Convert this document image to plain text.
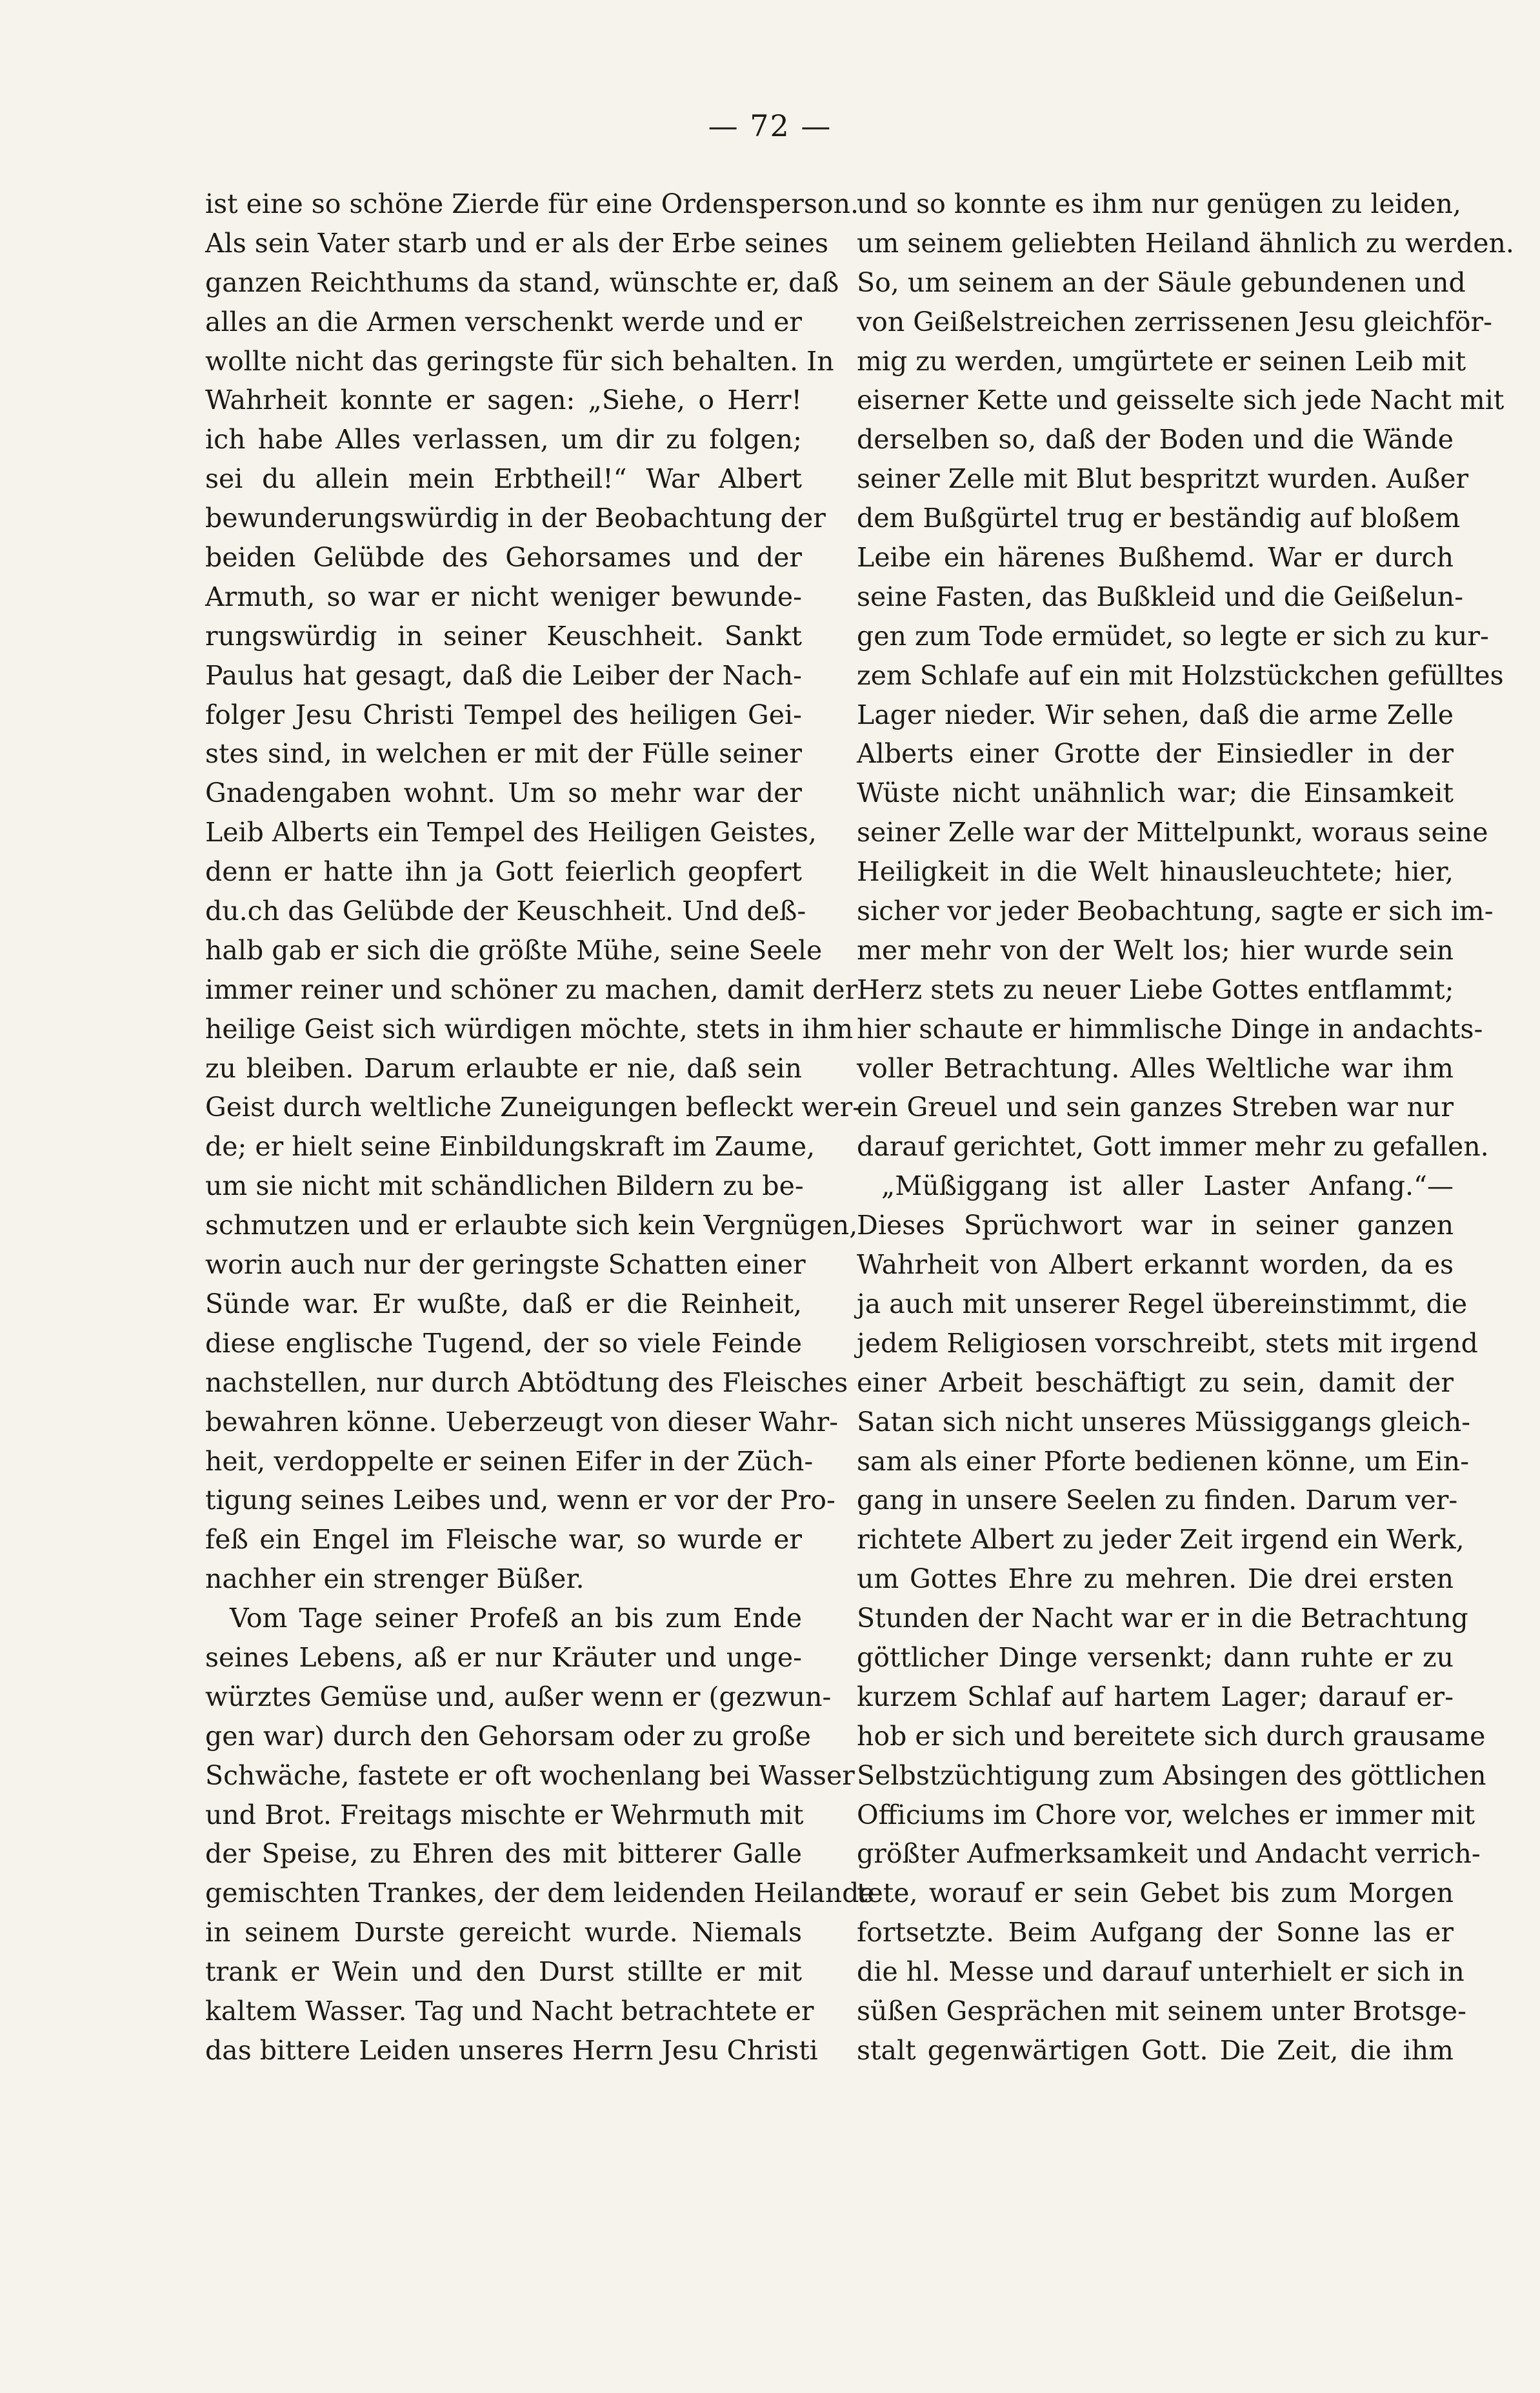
— 72 —
ist eine so schöne Zierde für eine Ordensperson.
Als sein Vater starb und er als der Erbe seines
ganzen Reichthums da stand, wünschte er, daß
alles an die Armen verschenkt werde und er
wollte nicht das geringste für sich behalten. In
Wahrheit konnte er sagen: „Siehe, o Herr!
ich habe Alles verlassen, um dir zu folgen;
sei du allein mein Erbtheil!“ War Albert
bewunderungswürdig in der Beobachtung der
beiden Gelübde des Gehorsames und der
Armuth, so war er nicht weniger bewunde-
rungswürdig in seiner Keuschheit. Sankt
Paulus hat gesagt, daß die Leiber der Nach-
folger Jesu Christi Tempel des heiligen Gei-
stes sind, in welchen er mit der Fülle seiner
Gnadengaben wohnt. Um so mehr war der
Leib Alberts ein Tempel des Heiligen Geistes,
denn er hatte ihn ja Gott feierlich geopfert
du.ch das Gelübde der Keuschheit. Und deß-
halb gab er sich die größte Mühe, seine Seele
immer reiner und schöner zu machen, damit der
heilige Geist sich würdigen möchte, stets in ihm
zu bleiben. Darum erlaubte er nie, daß sein
Geist durch weltliche Zuneigungen befleckt wer-
de; er hielt seine Einbildungskraft im Zaume,
um sie nicht mit schändlichen Bildern zu be-
schmutzen und er erlaubte sich kein Vergnügen,
worin auch nur der geringste Schatten einer
Sünde war. Er wußte, daß er die Reinheit,
diese englische Tugend, der so viele Feinde
nachstellen, nur durch Abtödtung des Fleisches
bewahren könne. Ueberzeugt von dieser Wahr-
heit, verdoppelte er seinen Eifer in der Züch-
tigung seines Leibes und, wenn er vor der Pro-
feß ein Engel im Fleische war, so wurde er
nachher ein strenger Büßer.
Vom Tage seiner Profeß an bis zum Ende
seines Lebens, aß er nur Kräuter und unge-
würztes Gemüse und, außer wenn er (gezwun-
gen war) durch den Gehorsam oder zu große
Schwäche, fastete er oft wochenlang bei Wasser
und Brot. Freitags mischte er Wehrmuth mit
der Speise, zu Ehren des mit bitterer Galle
gemischten Trankes, der dem leidenden Heilande
in seinem Durste gereicht wurde. Niemals
trank er Wein und den Durst stillte er mit
kaltem Wasser. Tag und Nacht betrachtete er
das bittere Leiden unseres Herrn Jesu Christi
und so konnte es ihm nur genügen zu leiden,
um seinem geliebten Heiland ähnlich zu werden.
So, um seinem an der Säule gebundenen und
von Geißelstreichen zerrissenen Jesu gleichför-
mig zu werden, umgürtete er seinen Leib mit
eiserner Kette und geisselte sich jede Nacht mit
derselben so, daß der Boden und die Wände
seiner Zelle mit Blut bespritzt wurden. Außer
dem Bußgürtel trug er beständig auf bloßem
Leibe ein härenes Bußhemd. War er durch
seine Fasten, das Bußkleid und die Geißelun-
gen zum Tode ermüdet, so legte er sich zu kur-
zem Schlafe auf ein mit Holzstückchen gefülltes
Lager nieder. Wir sehen, daß die arme Zelle
Alberts einer Grotte der Einsiedler in der
Wüste nicht unähnlich war; die Einsamkeit
seiner Zelle war der Mittelpunkt, woraus seine
Heiligkeit in die Welt hinausleuchtete; hier,
sicher vor jeder Beobachtung, sagte er sich im-
mer mehr von der Welt los; hier wurde sein
Herz stets zu neuer Liebe Gottes entflammt;
hier schaute er himmlische Dinge in andachts-
voller Betrachtung. Alles Weltliche war ihm
ein Greuel und sein ganzes Streben war nur
darauf gerichtet, Gott immer mehr zu gefallen.
„Müßiggang ist aller Laster Anfang.“—
Dieses Sprüchwort war in seiner ganzen
Wahrheit von Albert erkannt worden, da es
ja auch mit unserer Regel übereinstimmt, die
jedem Religiosen vorschreibt, stets mit irgend
einer Arbeit beschäftigt zu sein, damit der
Satan sich nicht unseres Müssiggangs gleich-
sam als einer Pforte bedienen könne, um Ein-
gang in unsere Seelen zu finden. Darum ver-
richtete Albert zu jeder Zeit irgend ein Werk,
um Gottes Ehre zu mehren. Die drei ersten
Stunden der Nacht war er in die Betrachtung
göttlicher Dinge versenkt; dann ruhte er zu
kurzem Schlaf auf hartem Lager; darauf er-
hob er sich und bereitete sich durch grausame
Selbstzüchtigung zum Absingen des göttlichen
Officiums im Chore vor, welches er immer mit
größter Aufmerksamkeit und Andacht verrich-
tete, worauf er sein Gebet bis zum Morgen
fortsetzte. Beim Aufgang der Sonne las er
die hl. Messe und darauf unterhielt er sich in
süßen Gesprächen mit seinem unter Brotsge-
stalt gegenwärtigen Gott. Die Zeit, die ihm
